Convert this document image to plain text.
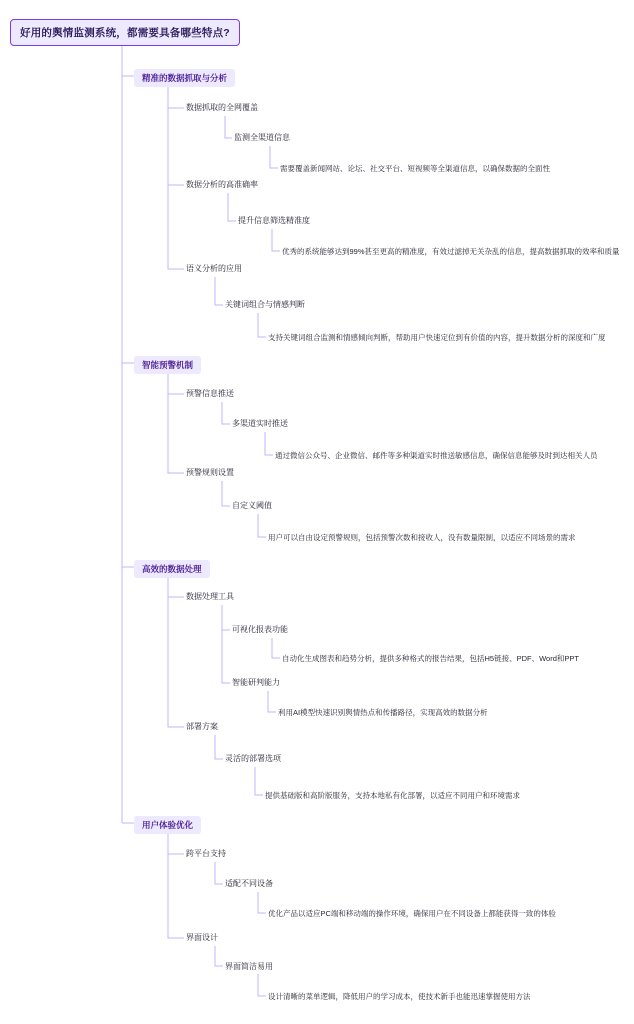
好用的舆情监测系统，都需要具备哪些特点?
精准的数据抓取与分析
数据抓取的全网覆盖
监测全渠道信息
需要覆盖新闻网站、论坛、社交平台、短视频等全渠道信息，以确保数据的全面性
数据分析的高准确率
提升信息筛选精准度
优秀的系统能够达到99%甚至更高的精准度，有效过滤掉无关杂乱的信息，提高数据抓取的效率和质量
语义分析的应用
关键词组合与情感判断
支持关键词组合监测和情感倾向判断，帮助用户快速定位到有价值的内容，提升数据分析的深度和广度
智能预警机制
预警信息推送
多渠道实时推送
通过微信公众号、企业微信、邮件等多种渠道实时推送敏感信息，确保信息能够及时到达相关人员
预警规则设置
自定义阈值
用户可以自由设定预警规则，包括预警次数和接收人，没有数量限制，以适应不同场景的需求
高效的数据处理
数据处理工具
可视化报表功能
自动化生成图表和趋势分析，提供多种格式的报告结果，包括H5链接、PDF、Word和PPT
智能研判能力
利用AI模型快速识别舆情热点和传播路径，实现高效的数据分析
部署方案
灵活的部署选项
提供基础版和高阶版服务，支持本地私有化部署，以适应不同用户和环境需求
用户体验优化
跨平台支持
适配不同设备
优化产品以适应PC端和移动端的操作环境，确保用户在不同设备上都能获得一致的体验
界面设计
界面简洁易用
设计清晰的菜单逻辑，降低用户的学习成本，使技术新手也能迅速掌握使用方法
